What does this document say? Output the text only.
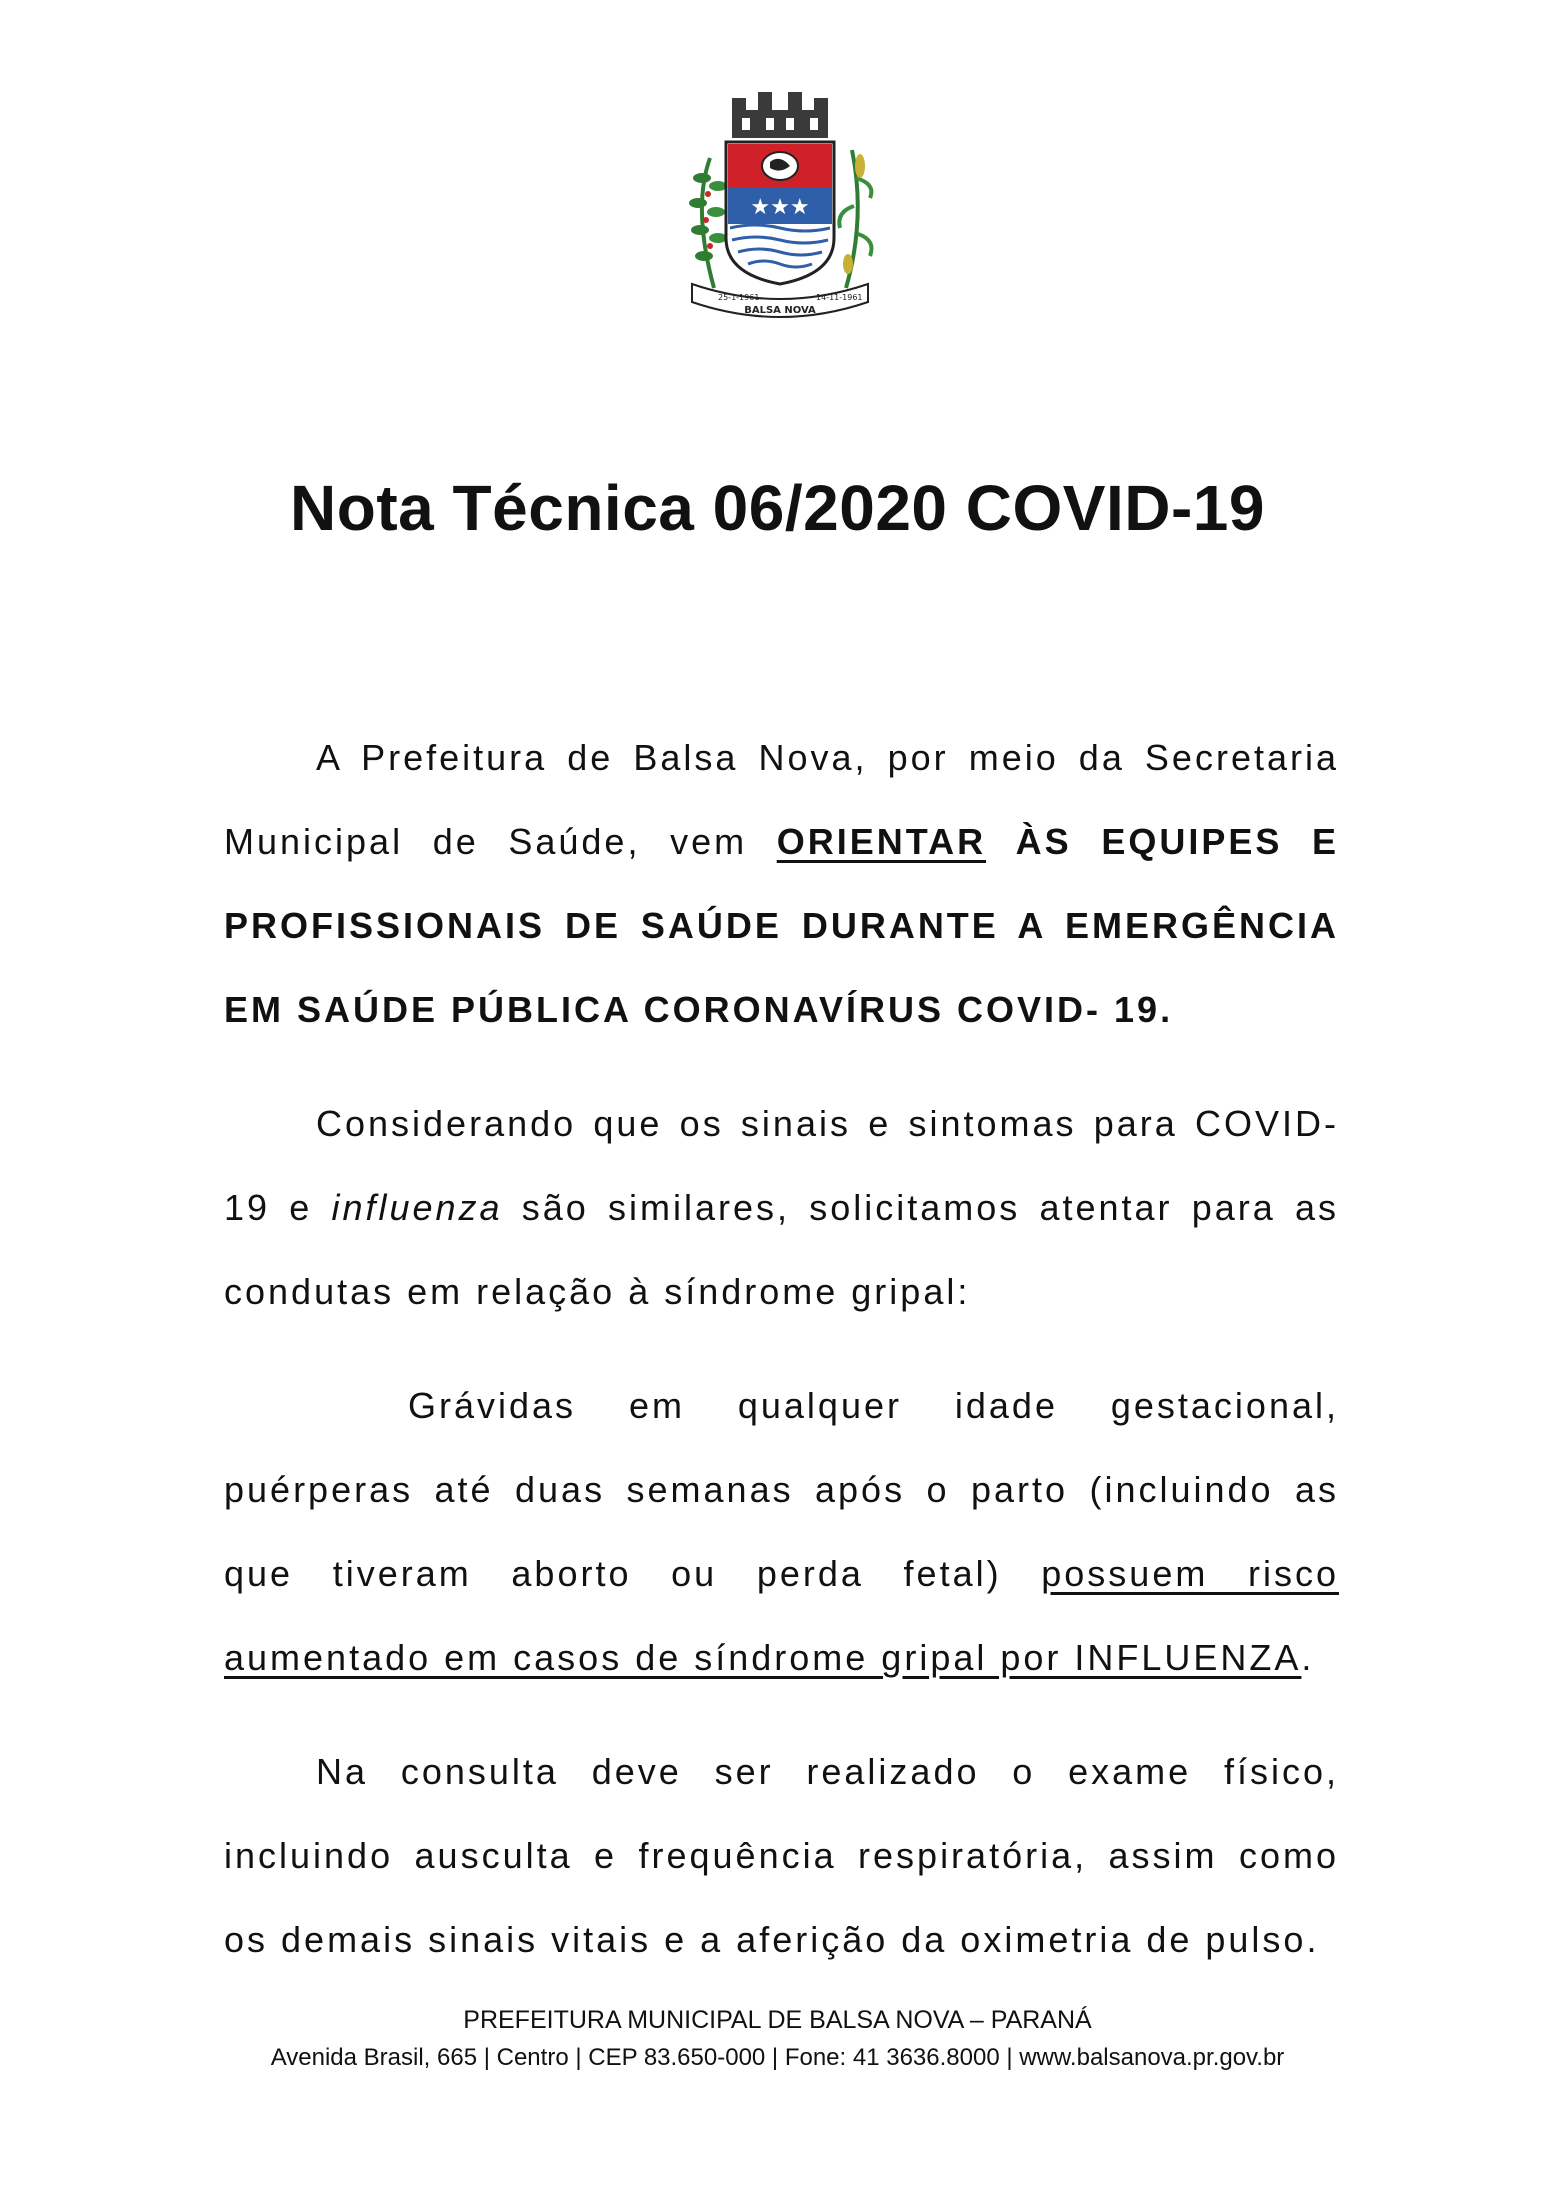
★★★
25-1-1961	14-11-1961
BALSA NOVA
Nota Técnica 06/2020 COVID-19

A Prefeitura de Balsa Nova, por meio da Secretaria Municipal de Saúde, vem ORIENTAR ÀS EQUIPES E PROFISSIONAIS DE SAÚDE DURANTE A EMERGÊNCIA EM SAÚDE PÚBLICA CORONAVÍRUS COVID- 19.

Considerando que os sinais e sintomas para COVID-19 e influenza são similares, solicitamos atentar para as condutas em relação à síndrome gripal:

Grávidas em qualquer idade gestacional, puérperas até duas semanas após o parto (incluindo as que tiveram aborto ou perda fetal) possuem risco aumentado em casos de síndrome gripal por INFLUENZA.

Na consulta deve ser realizado o exame físico, incluindo ausculta e frequência respiratória, assim como os demais sinais vitais e a aferição da oximetria de pulso.

PREFEITURA MUNICIPAL DE BALSA NOVA – PARANÁ
Avenida Brasil, 665 | Centro | CEP 83.650-000 | Fone: 41 3636.8000 | www.balsanova.pr.gov.br
